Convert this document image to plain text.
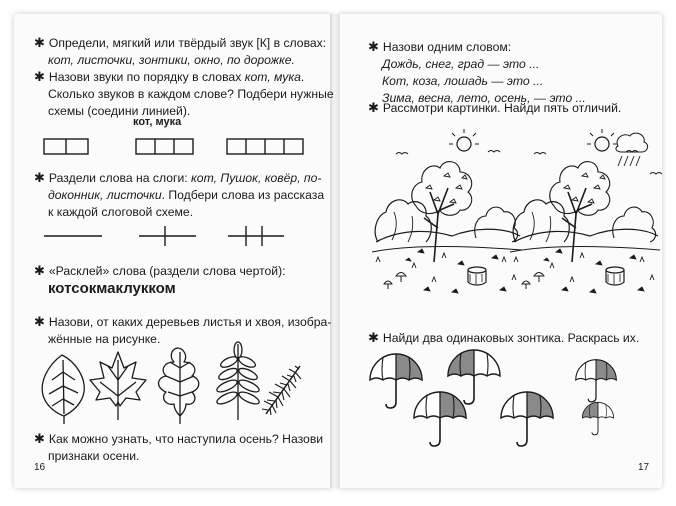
✱ Определи, мягкий или твёрдый звук [К] в словах:
кот, листочки, зонтики, окно, по дорожке.
✱ Назови звуки по порядку в словах кот, мука.
Сколько звуков в каждом слове? Подбери нужные
схемы (соедини линией).
кот, мука
✱ Раздели слова на слоги: кот, Пушок, ковёр, по-
доконник, листочки. Подбери слова из рассказа
к каждой слоговой схеме.
✱ «Расклей» слова (раздели слова чертой):
котсокмаклукком
✱ Назови, от каких деревьев листья и хвоя, изобра-
жённые на рисунке.
✱ Как можно узнать, что наступила осень? Назови
признаки осени.
16
✱ Назови одним словом:
Дождь, снег, град — это ...
Кот, коза, лошадь — это ...
Зима, весна, лето, осень, — это ...
✱ Рассмотри картинки. Найди пять отличий.
✱ Найди два одинаковых зонтика. Раскрась их.
17
